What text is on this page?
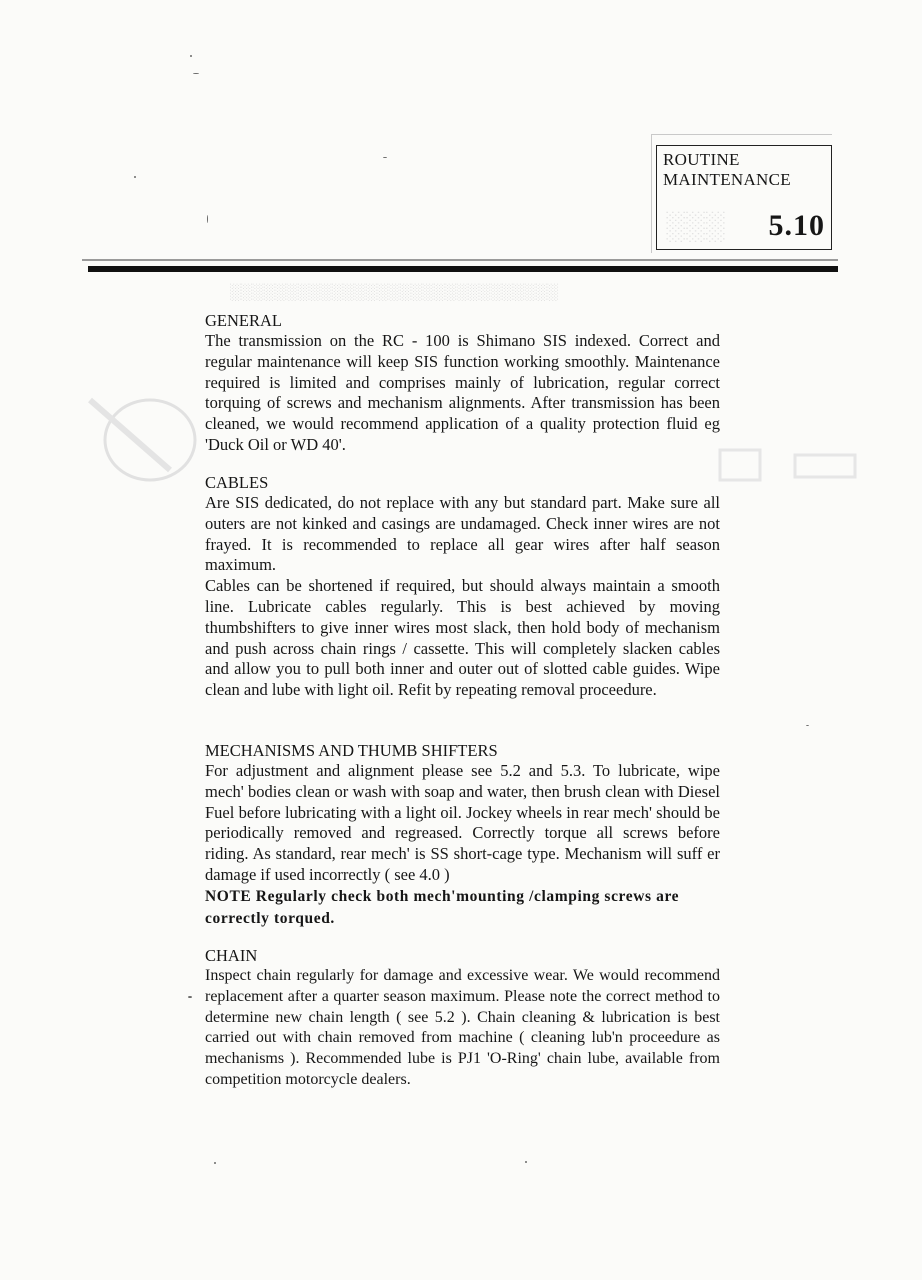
░░░░░░░░░░░░░░░░░░░░░░░░░░░░░
ROUTINE
MAINTENANCE
░░░ 5.10

GENERAL

The transmission on the RC - 100 is Shimano SIS indexed. Correct and regular maintenance will keep SIS function working smoothly. Maintenance required is limited and comprises mainly of lubrication, regular correct torquing of screws and mechanism alignments. After transmission has been cleaned, we would recommend application of a quality protection fluid eg 'Duck Oil or WD 40'.

CABLES

Are SIS dedicated, do not replace with any but standard part. Make sure all outers are not kinked and casings are undamaged. Check inner wires are not frayed. It is recommended to replace all gear wires after half season maximum.

Cables can be shortened if required, but should always maintain a smooth line. Lubricate cables regularly. This is best achieved by moving thumbshifters to give inner wires most slack, then hold body of mechanism and push across chain rings / cassette. This will completely slacken cables and allow you to pull both inner and outer out of slotted cable guides. Wipe clean and lube with light oil. Refit by repeating removal proceedure.

MECHANISMS AND THUMB SHIFTERS

For adjustment and alignment please see 5.2 and 5.3. To lubricate, wipe mech' bodies clean or wash with soap and water, then brush clean with Diesel Fuel before lubricating with a light oil. Jockey wheels in rear mech' should be periodically removed and regreased. Correctly torque all screws before riding. As standard, rear mech' is SS short-cage type. Mechanism will suff er damage if used incorrectly ( see 4.0 )

NOTE Regularly check both mech'mounting /clamping screws are correctly torqued.

CHAIN

Inspect chain regularly for damage and excessive wear. We would recommend replacement after a quarter season maximum. Please note the correct method to determine new chain length ( see 5.2 ). Chain cleaning & lubrication is best carried out with chain removed from machine ( cleaning lub'n proceedure as mechanisms ). Recommended lube is PJ1 'O-Ring' chain lube, available from competition motorcycle dealers.
